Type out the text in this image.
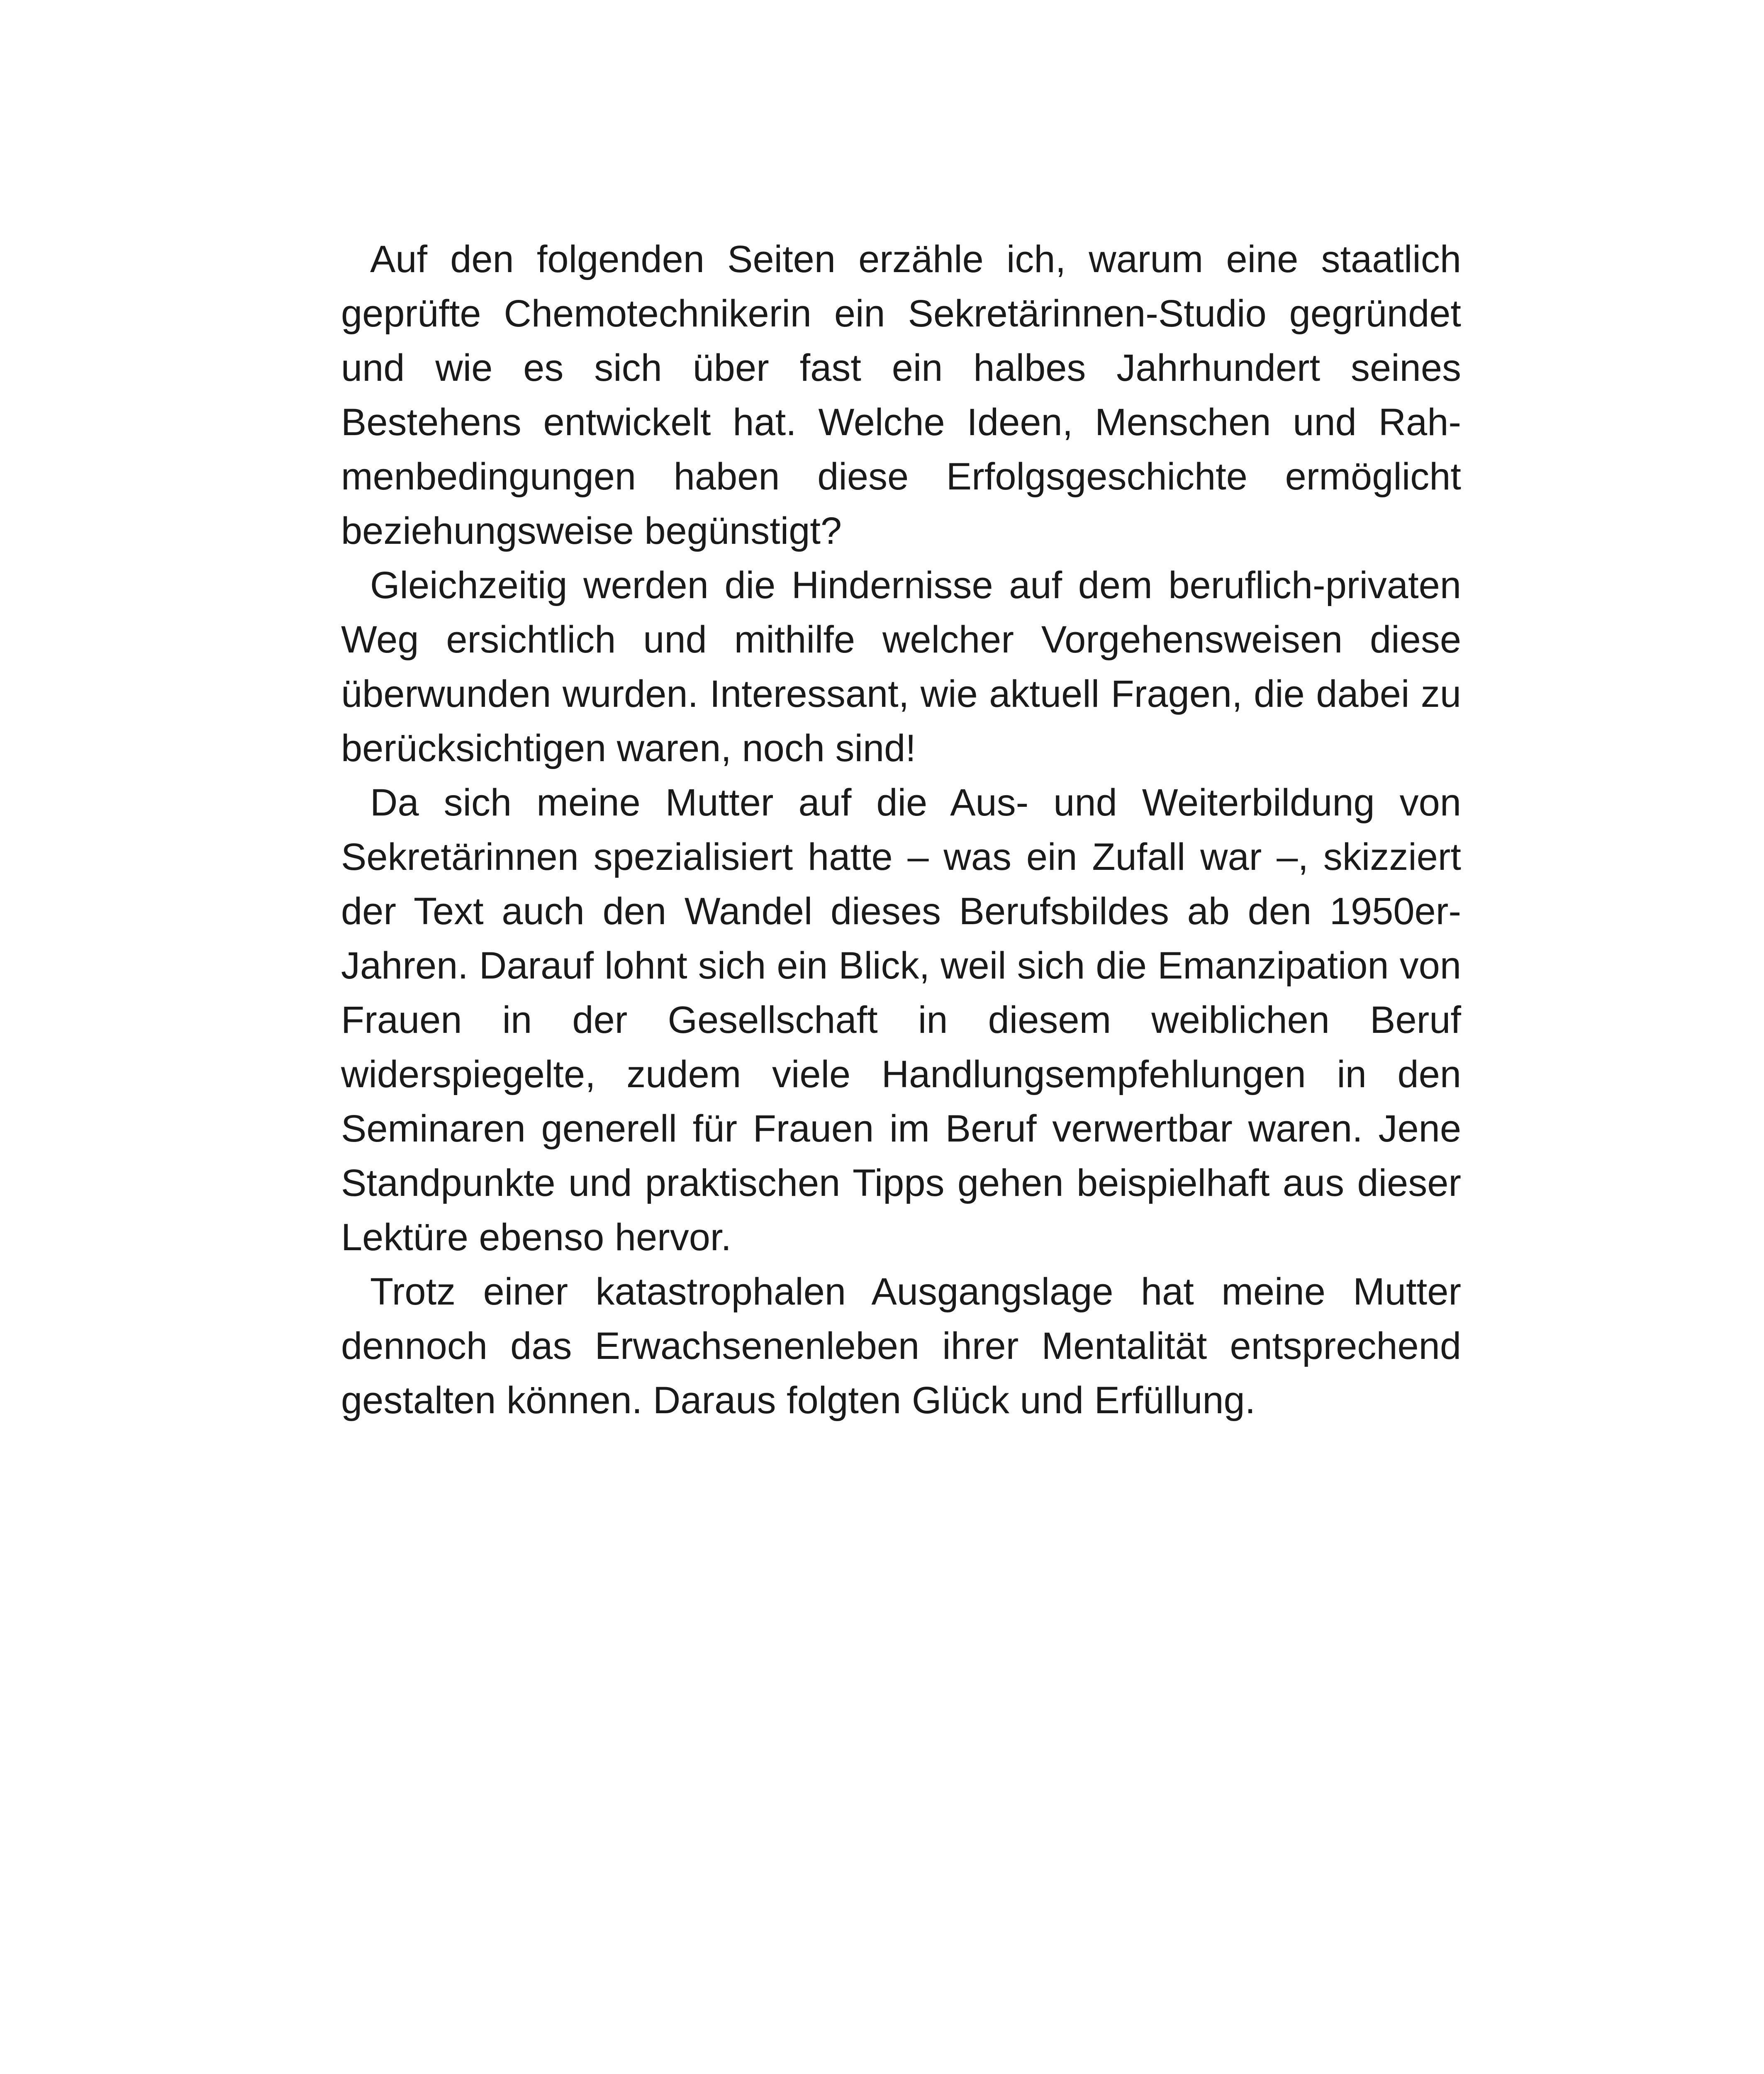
Auf den folgenden Seiten erzähle ich, warum eine staatlich geprüfte Chemotechnikerin ein Sekretärinnen-Studio gegründet und wie es sich über fast ein halbes Jahrhundert seines Bestehens entwickelt hat. Welche Ideen, Menschen und Rahmenbedingungen haben diese Erfolgsgeschichte ermöglicht beziehungsweise begünstigt?

Gleichzeitig werden die Hindernisse auf dem beruflich-privaten Weg ersichtlich und mithilfe welcher Vorgehensweisen diese überwunden wurden. Interessant, wie aktuell Fragen, die dabei zu berücksichtigen waren, noch sind!

Da sich meine Mutter auf die Aus- und Weiterbildung von Sekretärinnen spezialisiert hatte – was ein Zufall war –, skizziert der Text auch den Wandel dieses Berufsbildes ab den 1950er-Jahren. Darauf lohnt sich ein Blick, weil sich die Emanzipation von Frauen in der Gesellschaft in diesem weiblichen Beruf widerspiegelte, zudem viele Handlungsempfehlungen in den Seminaren generell für Frauen im Beruf verwertbar waren. Jene Standpunkte und praktischen Tipps gehen beispielhaft aus dieser Lektüre ebenso hervor.

Trotz einer katastrophalen Ausgangslage hat meine Mutter dennoch das Erwachsenenleben ihrer Mentalität entsprechend gestalten können. Daraus folgten Glück und Erfüllung.
